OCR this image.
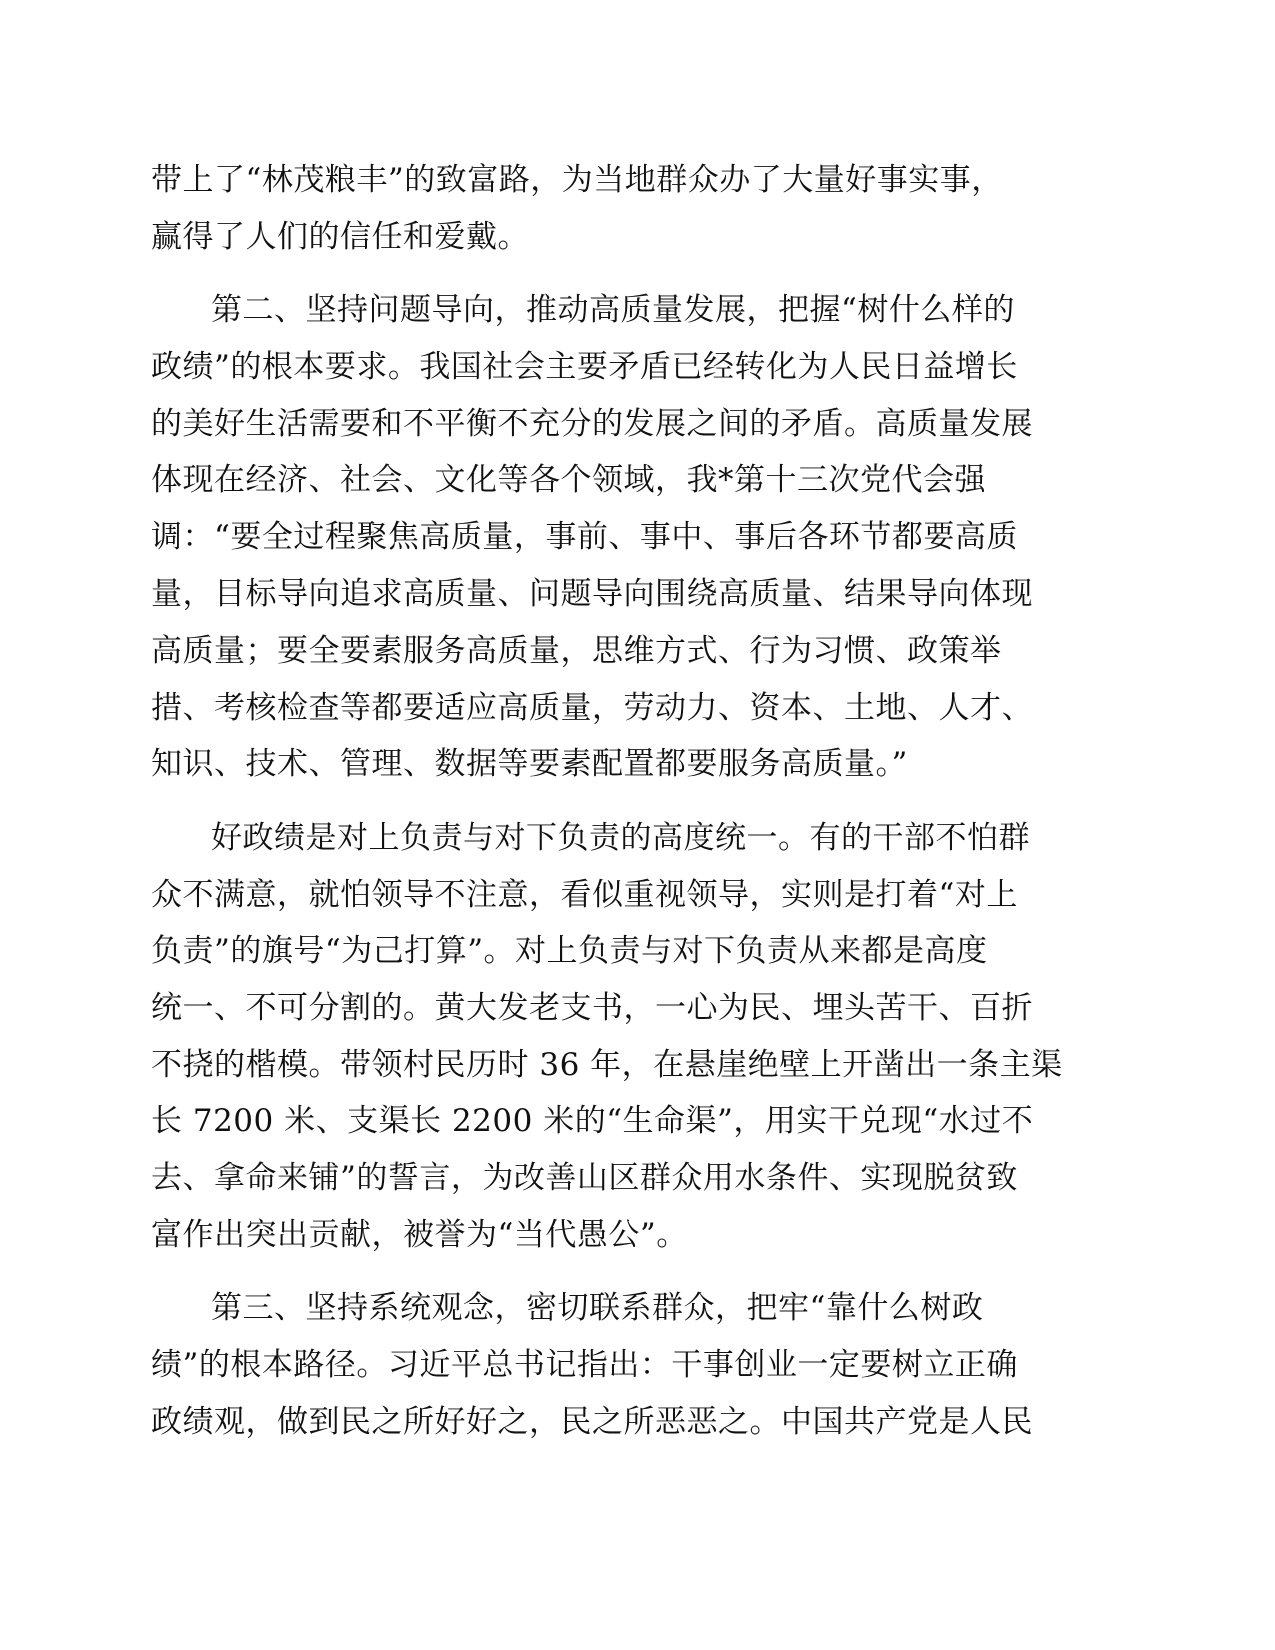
带上了“林茂粮丰”的致富路，为当地群众办了大量好事实事，
赢得了人们的信任和爱戴。
第二、坚持问题导向，推动高质量发展，把握“树什么样的
政绩”的根本要求。我国社会主要矛盾已经转化为人民日益增长
的美好生活需要和不平衡不充分的发展之间的矛盾。高质量发展
体现在经济、社会、文化等各个领域，我*第十三次党代会强
调：“要全过程聚焦高质量，事前、事中、事后各环节都要高质
量，目标导向追求高质量、问题导向围绕高质量、结果导向体现
高质量；要全要素服务高质量，思维方式、行为习惯、政策举
措、考核检查等都要适应高质量，劳动力、资本、土地、人才、
知识、技术、管理、数据等要素配置都要服务高质量。”
好政绩是对上负责与对下负责的高度统一。有的干部不怕群
众不满意，就怕领导不注意，看似重视领导，实则是打着“对上
负责”的旗号“为己打算”。对上负责与对下负责从来都是高度
统一、不可分割的。黄大发老支书，一心为民、埋头苦干、百折
不挠的楷模。带领村民历时 36 年，在悬崖绝壁上开凿出一条主渠
长 7200 米、支渠长 2200 米的“生命渠”，用实干兑现“水过不
去、拿命来铺”的誓言，为改善山区群众用水条件、实现脱贫致
富作出突出贡献，被誉为“当代愚公”。
第三、坚持系统观念，密切联系群众，把牢“靠什么树政
绩”的根本路径。习近平总书记指出：干事创业一定要树立正确
政绩观，做到民之所好好之，民之所恶恶之。中国共产党是人民
